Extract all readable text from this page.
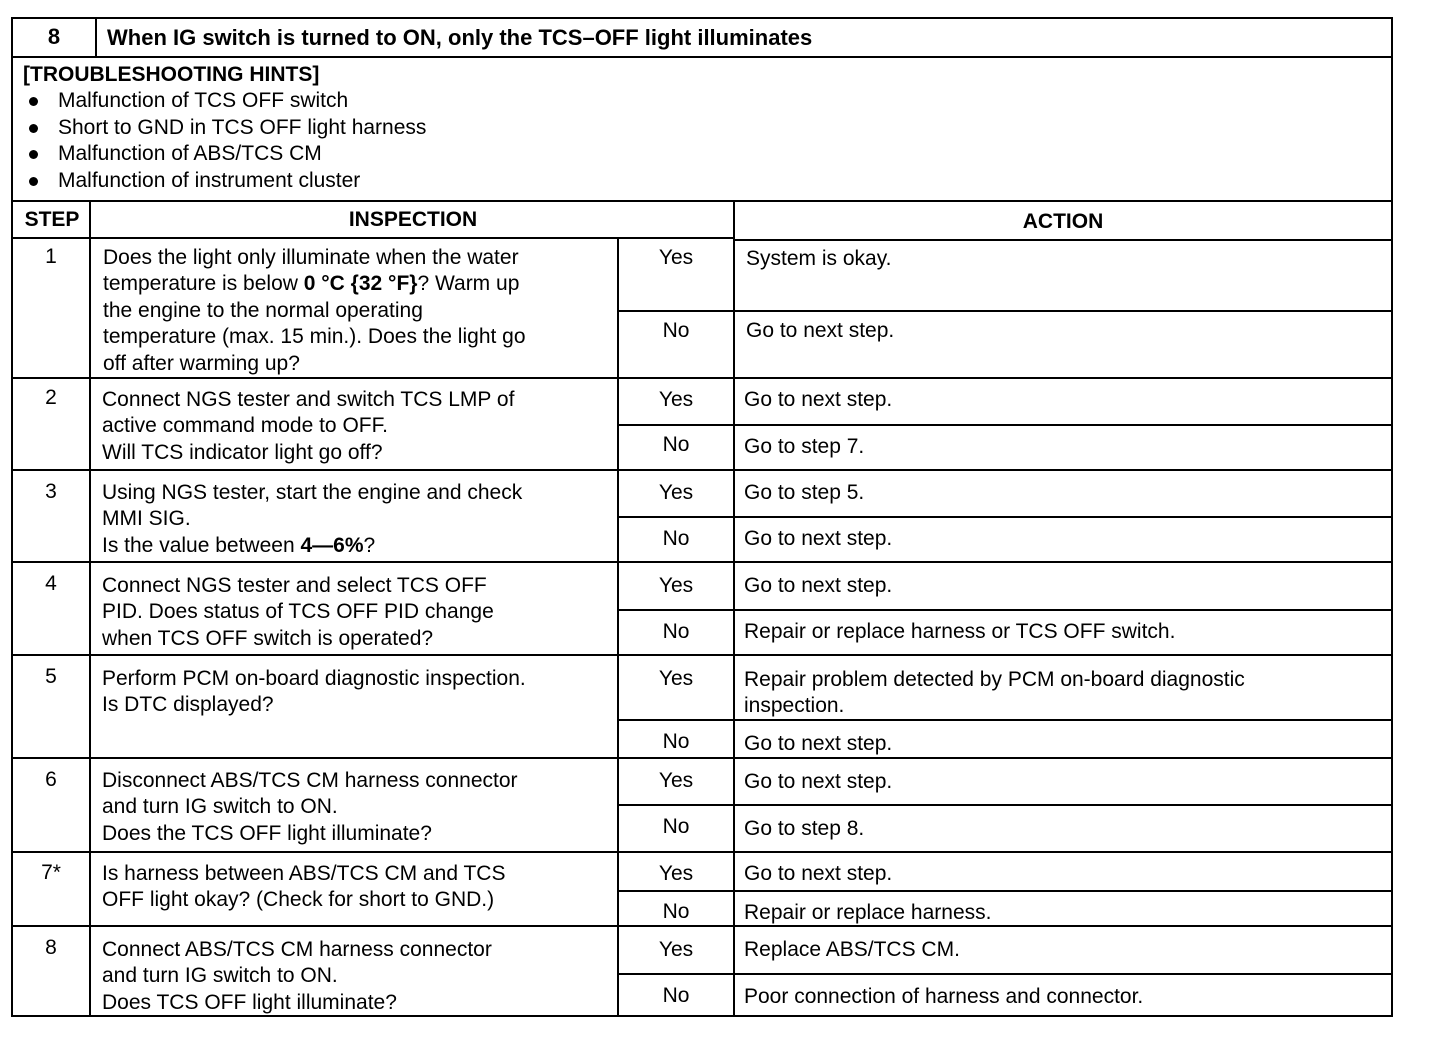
8	When IG switch is turned to ON, only the TCS–OFF light illuminates
[TROUBLESHOOTING HINTS]
Malfunction of TCS OFF switch
Short to GND in TCS OFF light harness
Malfunction of ABS/TCS CM
Malfunction of instrument cluster
STEP	INSPECTION	ACTION
1	Does the light only illuminate when the water
temperature is below 0 °C {32 °F}? Warm up
the engine to the normal operating
temperature (max. 15 min.). Does the light go
off after warming up?
Yes	System is okay.
No	Go to next step.
2	Connect NGS tester and switch TCS LMP of
active command mode to OFF.
Will TCS indicator light go off?
Yes	Go to next step.
No	Go to step 7.
3	Using NGS tester, start the engine and check
MMI SIG.
Is the value between 4—6%?
Yes	Go to step 5.
No	Go to next step.
4	Connect NGS tester and select TCS OFF
PID. Does status of TCS OFF PID change
when TCS OFF switch is operated?
Yes	Go to next step.
No	Repair or replace harness or TCS OFF switch.
5	Perform PCM on-board diagnostic inspection.
Is DTC displayed?
Yes	Repair problem detected by PCM on-board diagnostic
inspection.
No	Go to next step.
6	Disconnect ABS/TCS CM harness connector
and turn IG switch to ON.
Does the TCS OFF light illuminate?
Yes	Go to next step.
No	Go to step 8.
7*	Is harness between ABS/TCS CM and TCS
OFF light okay? (Check for short to GND.)
Yes	Go to next step.
No	Repair or replace harness.
8	Connect ABS/TCS CM harness connector
and turn IG switch to ON.
Does TCS OFF light illuminate?
Yes	Replace ABS/TCS CM.
No	Poor connection of harness and connector.
